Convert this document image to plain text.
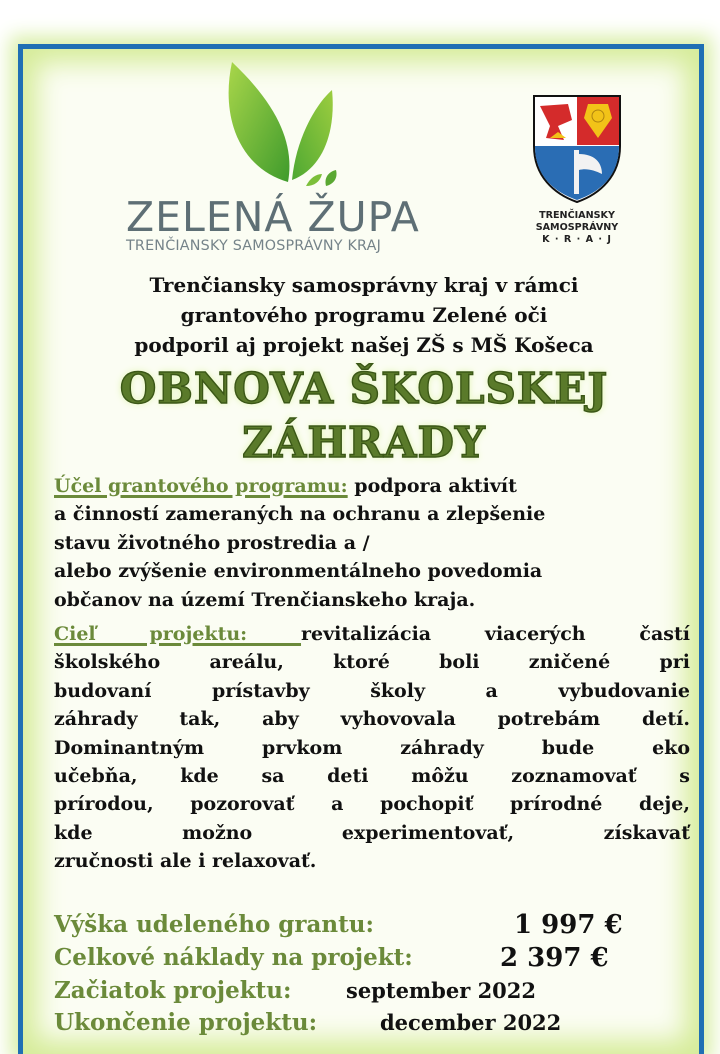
ZELENÁ ŽUPA
TRENČIANSKY SAMOSPRÁVNY KRAJ
TRENČIANSKY
SAMOSPRÁVNY
K · R · A · J
Trenčiansky samosprávny kraj v rámci
grantového programu Zelené oči
podporil aj projekt našej ZŠ s MŠ Košeca
OBNOVA ŠKOLSKEJ
ZÁHRADY
Účel grantového programu: podpora aktivít
a činností zameraných na ochranu a zlepšenie
stavu životného prostredia a /
alebo zvýšenie environmentálneho povedomia
občanov na území Trenčianskeho kraja.
Cieľ projektu: revitalizácia viacerých častí
školského areálu, ktoré boli zničené pri
budovaní prístavby školy a vybudovanie
záhrady tak, aby vyhovovala potrebám detí.
Dominantným prvkom záhrady bude eko
učebňa, kde sa deti môžu zoznamovať s
prírodou, pozorovať a pochopiť prírodné deje,
kde možno experimentovať, získavať
zručnosti ale i relaxovať.
Výška udeleného grantu:	1 997 €
Celkové náklady na projekt:	2 397 €
Začiatok projektu:	september 2022
Ukončenie projektu:	december 2022
